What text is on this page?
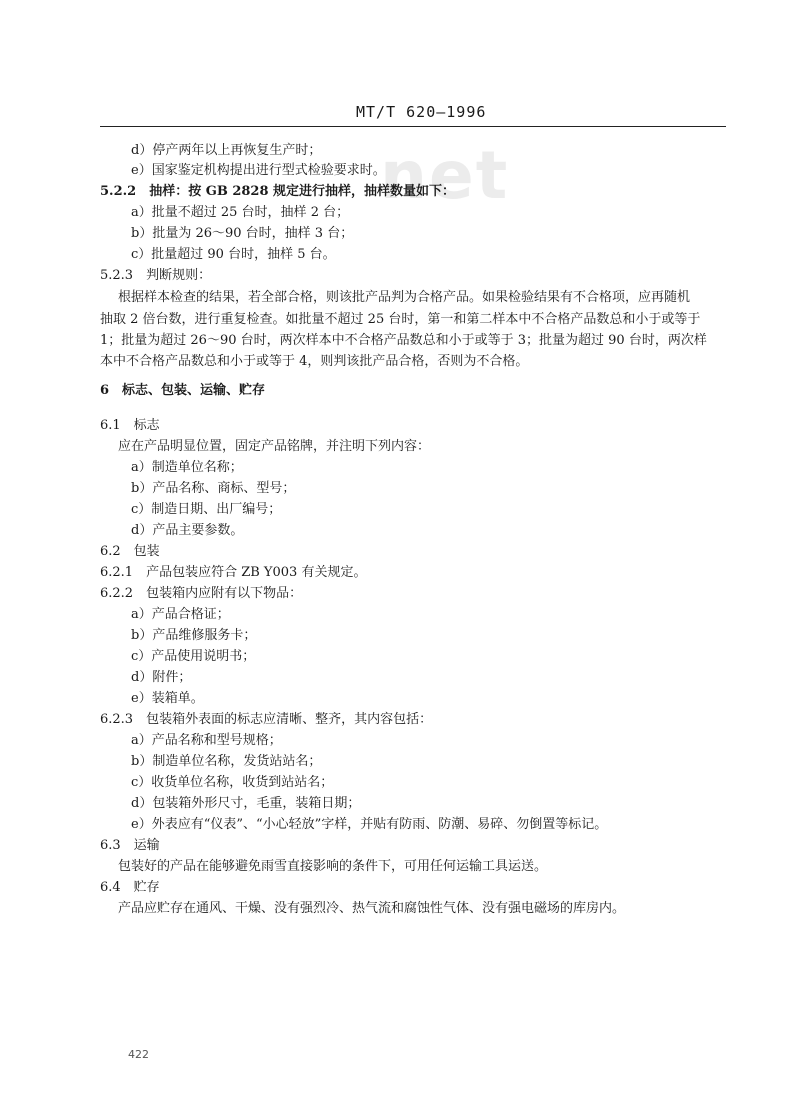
MT/T 620—1996
net
d）停产两年以上再恢复生产时；
e）国家鉴定机构提出进行型式检验要求时。
5.2.2　抽样：按 GB 2828 规定进行抽样，抽样数量如下：
a）批量不超过 25 台时，抽样 2 台；
b）批量为 26～90 台时，抽样 3 台；
c）批量超过 90 台时，抽样 5 台。
5.2.3　判断规则：
根据样本检查的结果，若全部合格，则该批产品判为合格产品。如果检验结果有不合格项，应再随机
抽取 2 倍台数，进行重复检查。如批量不超过 25 台时，第一和第二样本中不合格产品数总和小于或等于
1；批量为超过 26～90 台时，两次样本中不合格产品数总和小于或等于 3；批量为超过 90 台时，两次样
本中不合格产品数总和小于或等于 4，则判该批产品合格，否则为不合格。
6　标志、包装、运输、贮存
6.1　标志
应在产品明显位置，固定产品铭牌，并注明下列内容：
a）制造单位名称；
b）产品名称、商标、型号；
c）制造日期、出厂编号；
d）产品主要参数。
6.2　包装
6.2.1　产品包装应符合 ZB Y003 有关规定。
6.2.2　包装箱内应附有以下物品：
a）产品合格证；
b）产品维修服务卡；
c）产品使用说明书；
d）附件；
e）装箱单。
6.2.3　包装箱外表面的标志应清晰、整齐，其内容包括：
a）产品名称和型号规格；
b）制造单位名称，发货站站名；
c）收货单位名称，收货到站站名；
d）包装箱外形尺寸，毛重，装箱日期；
e）外表应有“仪表”、“小心轻放”字样，并贴有防雨、防潮、易碎、勿倒置等标记。
6.3　运输
包装好的产品在能够避免雨雪直接影响的条件下，可用任何运输工具运送。
6.4　贮存
产品应贮存在通风、干燥、没有强烈冷、热气流和腐蚀性气体、没有强电磁场的库房内。
422
